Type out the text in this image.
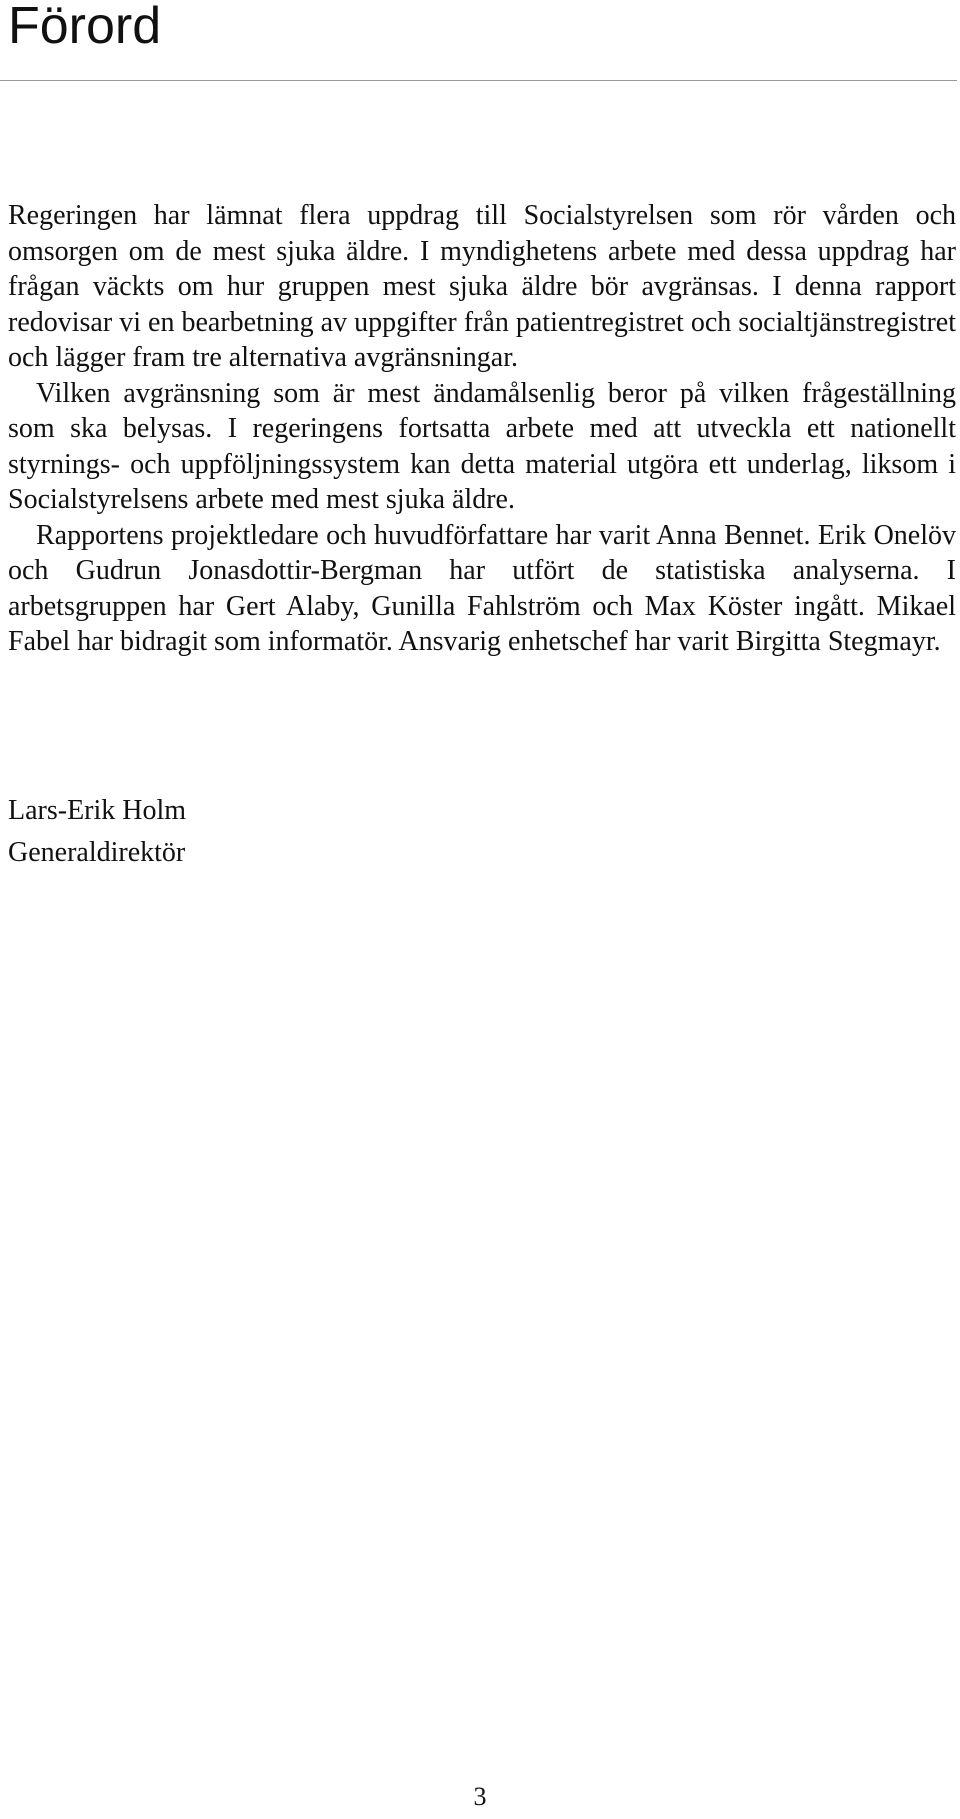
Förord

Regeringen har lämnat flera uppdrag till Socialstyrelsen som rör vården och omsorgen om de mest sjuka äldre. I myndighetens arbete med dessa uppdrag har frågan väckts om hur gruppen mest sjuka äldre bör avgränsas. I denna rapport redovisar vi en bearbetning av uppgifter från patientregistret och socialtjänstregistret och lägger fram tre alternativa avgränsningar.

Vilken avgränsning som är mest ändamålsenlig beror på vilken frågeställning som ska belysas. I regeringens fortsatta arbete med att utveckla ett nationellt styrnings- och uppföljningssystem kan detta material utgöra ett underlag, liksom i Socialstyrelsens arbete med mest sjuka äldre.

Rapportens projektledare och huvudförfattare har varit Anna Bennet. Erik Onelöv och Gudrun Jonasdottir-Bergman har utfört de statistiska analyserna. I arbetsgruppen har Gert Alaby, Gunilla Fahlström och Max Köster ingått. Mikael Fabel har bidragit som informatör. Ansvarig enhetschef har varit Birgitta Stegmayr.

Lars-Erik Holm
Generaldirektör
3
